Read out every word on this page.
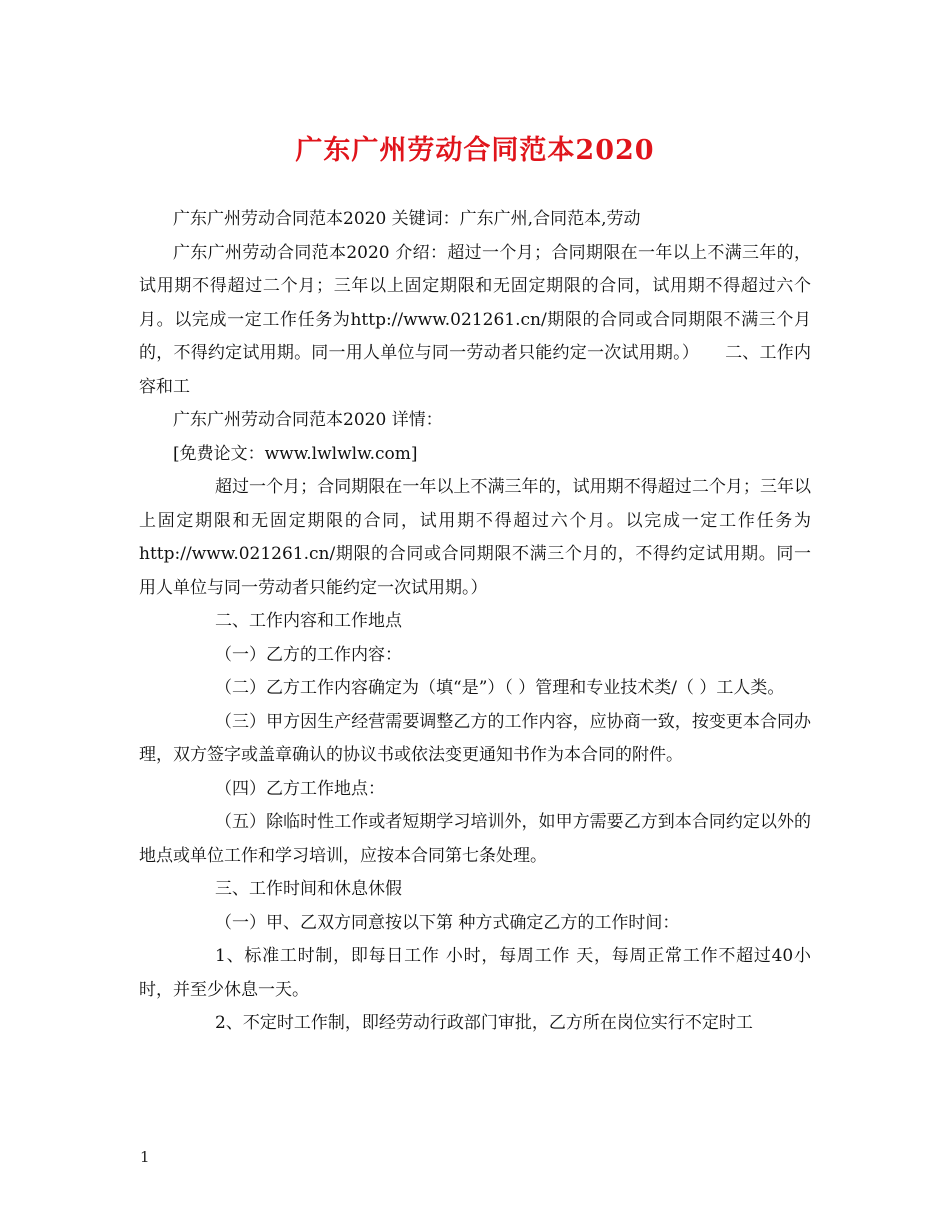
广东广州劳动合同范本2020

广东广州劳动合同范本2020 关键词：广东广州,合同范本,劳动

广东广州劳动合同范本2020 介绍：超过一个月；合同期限在一年以上不满三年的，试用期不得超过二个月；三年以上固定期限和无固定期限的合同，试用期不得超过六个月。以完成一定工作任务为http://www.021261.cn/期限的合同或合同期限不满三个月的，不得约定试用期。同一用人单位与同一劳动者只能约定一次试用期。）　　二、工作内容和工

广东广州劳动合同范本2020 详情：

[免费论文：www.lwlwlw.com]

超过一个月；合同期限在一年以上不满三年的，试用期不得超过二个月；三年以上固定期限和无固定期限的合同，试用期不得超过六个月。以完成一定工作任务为http://www.021261.cn/期限的合同或合同期限不满三个月的，不得约定试用期。同一用人单位与同一劳动者只能约定一次试用期。）

二、工作内容和工作地点

（一）乙方的工作内容：

（二）乙方工作内容确定为（填“是”）（ ）管理和专业技术类/（ ）工人类。

（三）甲方因生产经营需要调整乙方的工作内容，应协商一致，按变更本合同办理，双方签字或盖章确认的协议书或依法变更通知书作为本合同的附件。

（四）乙方工作地点：

（五）除临时性工作或者短期学习培训外，如甲方需要乙方到本合同约定以外的地点或单位工作和学习培训，应按本合同第七条处理。

三、工作时间和休息休假

（一）甲、乙双方同意按以下第 种方式确定乙方的工作时间：

1、标准工时制，即每日工作 小时，每周工作 天，每周正常工作不超过40小时，并至少休息一天。

2、不定时工作制，即经劳动行政部门审批，乙方所在岗位实行不定时工

1
